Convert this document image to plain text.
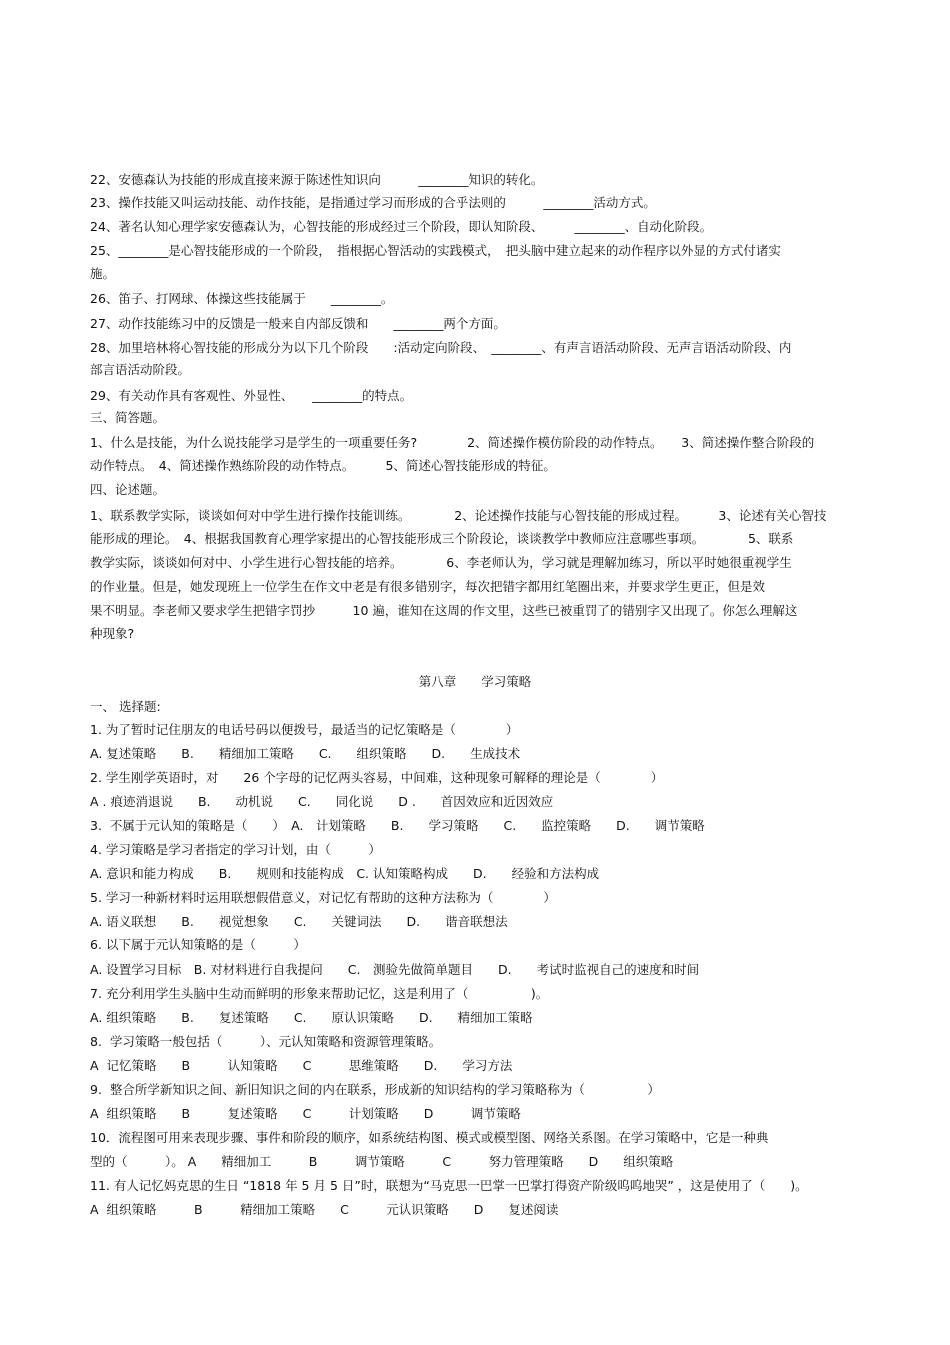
第八章　　学习策略
22、安德森认为技能的形成直接来源于陈述性知识向　　　________知识的转化。
23、操作技能又叫运动技能、动作技能，是指通过学习而形成的合乎法则的　　　________活动方式。
24、著名认知心理学家安德森认为，心智技能的形成经过三个阶段，即认知阶段、　　　________、自动化阶段。
25、________是心智技能形成的一个阶段，　指根据心智活动的实践模式，　把头脑中建立起来的动作程序以外显的方式付诸实
施。
26、笛子、打网球、体操这些技能属于　　________。
27、动作技能练习中的反馈是一般来自内部反馈和　　________两个方面。
28、加里培林将心智技能的形成分为以下几个阶段　　:活动定向阶段、　________、有声言语活动阶段、无声言语活动阶段、内
部言语活动阶段。
29、有关动作具有客观性、外显性、　　________的特点。
三、简答题。
1、什么是技能，为什么说技能学习是学生的一项重要任务?　　　　2、简述操作模仿阶段的动作特点。　　3、简述操作整合阶段的
动作特点。　4、简述操作熟练阶段的动作特点。　　　5、简述心智技能形成的特征。
四、论述题。
1、联系教学实际，谈谈如何对中学生进行操作技能训练。　　　　2、论述操作技能与心智技能的形成过程。　　　3、论述有关心智技
能形成的理论。　4、根据我国教育心理学家提出的心智技能形成三个阶段论，谈谈教学中教师应注意哪些事项。　　　　5、联系
教学实际，谈谈如何对中、小学生进行心智技能的培养。　　　　6、李老师认为，学习就是理解加练习，所以平时她很重视学生
的作业量。但是，她发现班上一位学生在作文中老是有很多错别字，每次把错字都用红笔圈出来，并要求学生更正，但是效
果不明显。李老师又要求学生把错字罚抄　　　10 遍，谁知在这周的作文里，这些已被重罚了的错别字又出现了。你怎么理解这
种现象?
一、 选择题:
1. 为了暂时记住朋友的电话号码以便拨号，最适当的记忆策略是（　　　　）
A. 复述策略　　B.　　精细加工策略　　C.　　组织策略　　D.　　生成技术
2. 学生刚学英语时，对　　26 个字母的记忆两头容易，中间难，这种现象可解释的理论是（　　　　）
A . 痕迹消退说　　B.　　动机说　　C.　　同化说　　D .　　首因效应和近因效应
3.  不属于元认知的策略是（　　）　A.　计划策略　　B.　　学习策略　　C.　　监控策略　　D.　　调节策略
4. 学习策略是学习者指定的学习计划，由（　　　）
A. 意识和能力构成　　B.　　规则和技能构成　C. 认知策略构成　　D.　　经验和方法构成
5. 学习一种新材料时运用联想假借意义，对记忆有帮助的这种方法称为（　　　　）
A. 语义联想　　B.　　视觉想象　　C.　　关键词法　　D.　　谐音联想法
6. 以下属于元认知策略的是（　　　）
A. 设置学习目标　B. 对材料进行自我提问　　C.　测验先做简单题目　　D.　　考试时监视自己的速度和时间
7. 充分利用学生头脑中生动而鲜明的形象来帮助记忆，这是利用了（　　　　　)。
A. 组织策略　　B.　　复述策略　　C.　　原认识策略　　D.　　精细加工策略
8.  学习策略一般包括（　　　）、元认知策略和资源管理策略。
A  记忆策略　　B　　　认知策略　　C　　　思维策略　　D.　　学习方法
9.  整合所学新知识之间、新旧知识之间的内在联系，形成新的知识结构的学习策略称为（　　　　　）
A  组织策略　　B　　　复述策略　　C　　　计划策略　　D　　　调节策略
10．流程图可用来表现步骤、事件和阶段的顺序，如系统结构图、模式或模型图、网络关系图。在学习策略中，它是一种典
型的（　　　）。 A　　精细加工　　　B　　　调节策略　　　C　　　努力管理策略　　D　　组织策略
11. 有人记忆妈克思的生日 “1818 年 5 月 5 日”时，联想为“马克思一巴掌一巴掌打得资产阶级呜呜地哭” ，这是使用了（　　)。
A  组织策略　　　B　　　精细加工策略　　C　　　元认识策略　　D　　复述阅读
